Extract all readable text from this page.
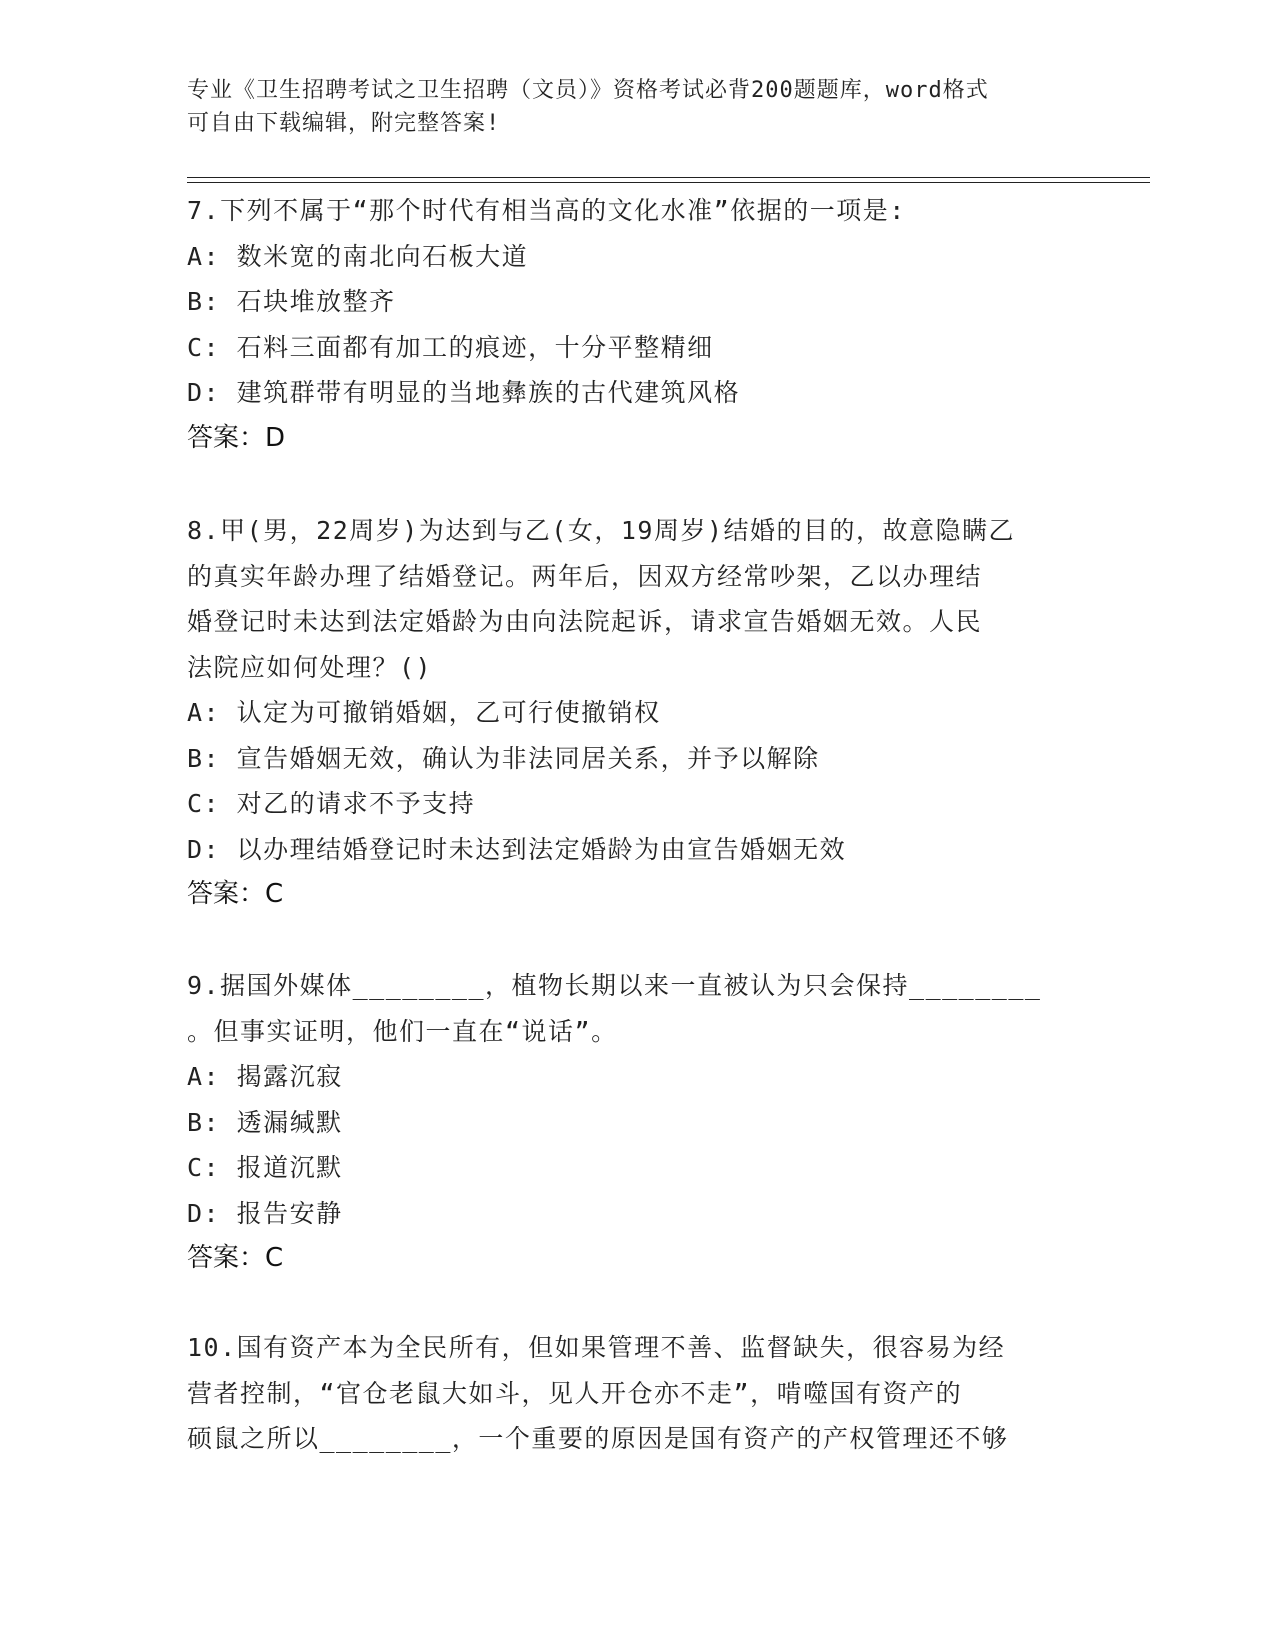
专业《卫生招聘考试之卫生招聘（文员）》资格考试必背200题题库，word格式
可自由下载编辑，附完整答案!
7.下列不属于“那个时代有相当高的文化水准”依据的一项是:
A: 数米宽的南北向石板大道
B: 石块堆放整齐
C: 石料三面都有加工的痕迹，十分平整精细
D: 建筑群带有明显的当地彝族的古代建筑风格
答案：D
8.甲(男，22周岁)为达到与乙(女，19周岁)结婚的目的，故意隐瞒乙
的真实年龄办理了结婚登记。两年后，因双方经常吵架，乙以办理结
婚登记时未达到法定婚龄为由向法院起诉，请求宣告婚姻无效。人民
法院应如何处理？()
A: 认定为可撤销婚姻，乙可行使撤销权
B: 宣告婚姻无效，确认为非法同居关系，并予以解除
C: 对乙的请求不予支持
D: 以办理结婚登记时未达到法定婚龄为由宣告婚姻无效
答案：C
9.据国外媒体________，植物长期以来一直被认为只会保持________
。但事实证明，他们一直在“说话”。
A: 揭露沉寂
B: 透漏缄默
C: 报道沉默
D: 报告安静
答案：C
10.国有资产本为全民所有，但如果管理不善、监督缺失，很容易为经
营者控制，“官仓老鼠大如斗，见人开仓亦不走”，啃噬国有资产的
硕鼠之所以________，一个重要的原因是国有资产的产权管理还不够
